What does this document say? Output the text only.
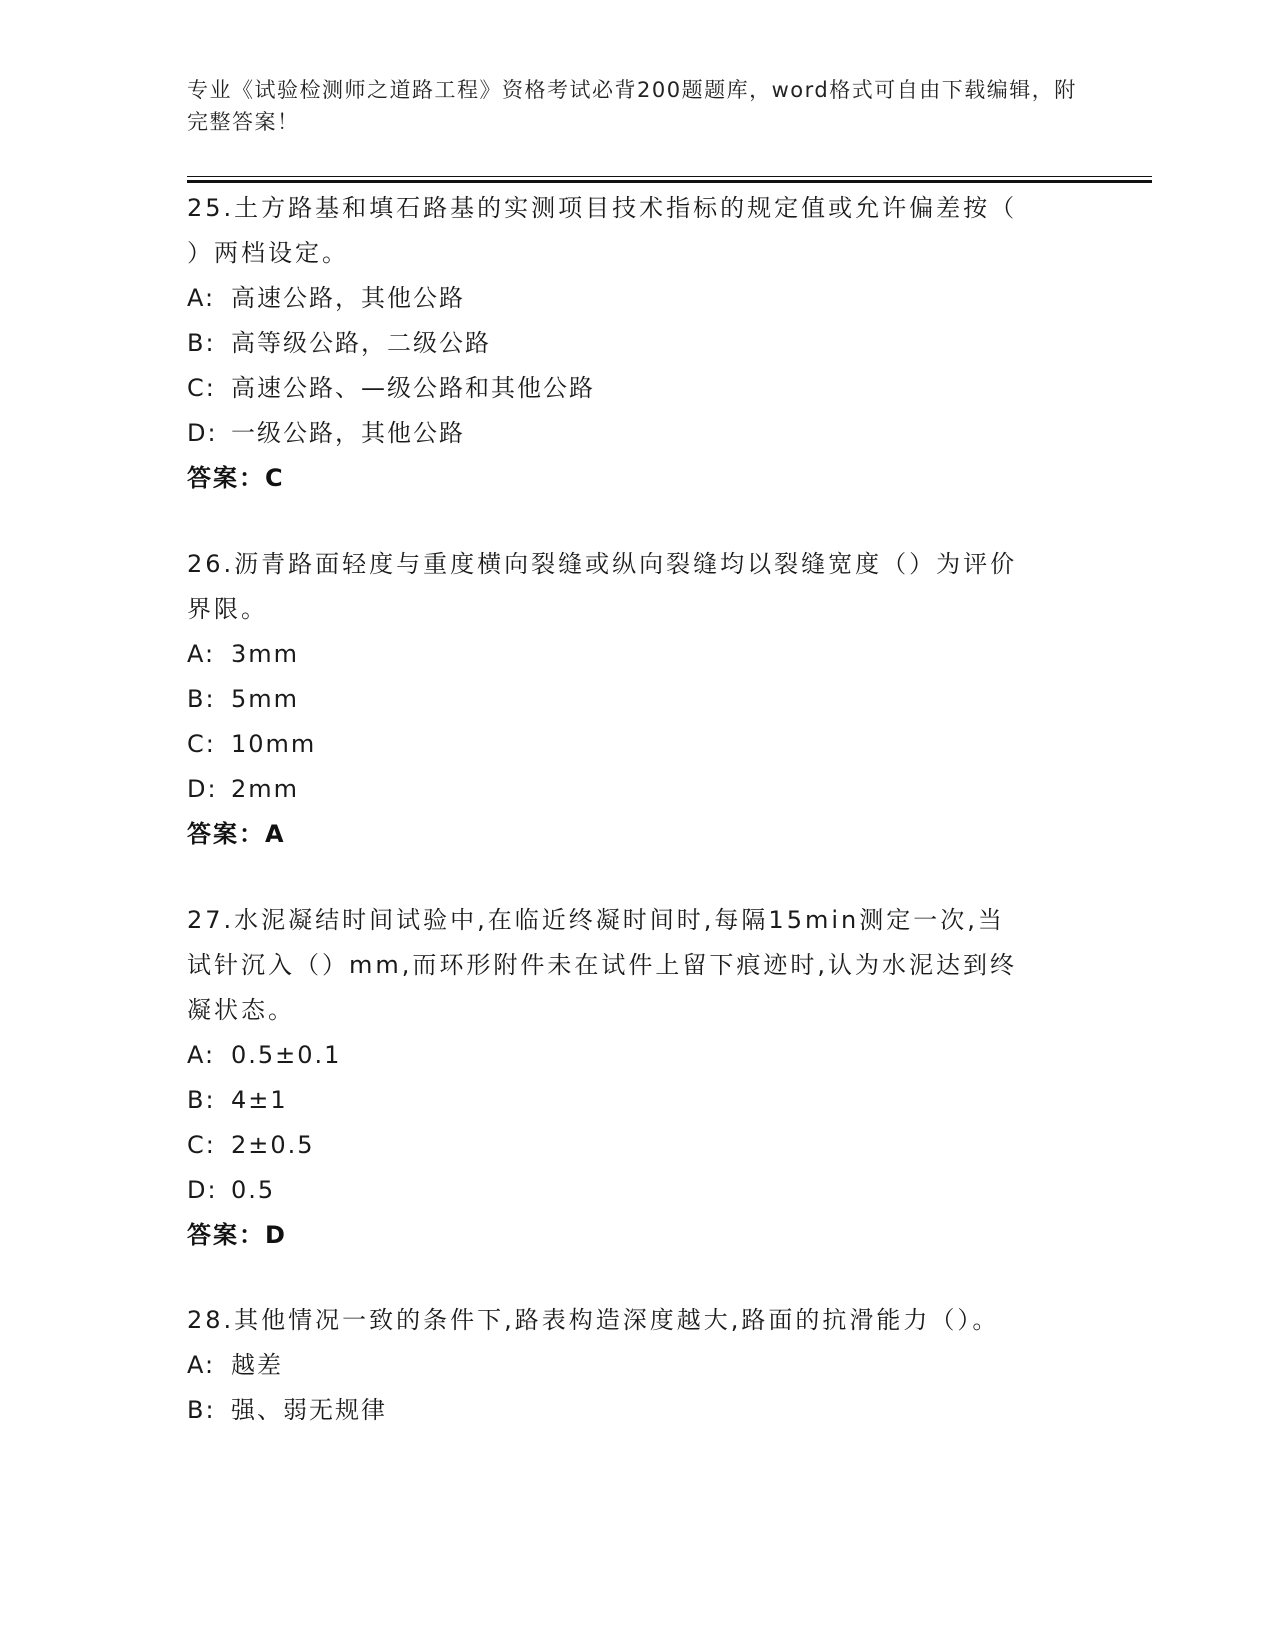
专业《试验检测师之道路工程》资格考试必背200题题库，word格式可自由下载编辑，附完整答案！
25.土方路基和填石路基的实测项目技术指标的规定值或允许偏差按（
）两档设定。
A: 高速公路，其他公路
B: 高等级公路，二级公路
C: 高速公路、—级公路和其他公路
D: 一级公路，其他公路
答案：C
26.沥青路面轻度与重度横向裂缝或纵向裂缝均以裂缝宽度（）为评价
界限。
A: 3mm
B: 5mm
C: 10mm
D: 2mm
答案：A
27.水泥凝结时间试验中,在临近终凝时间时,每隔15min测定一次,当
试针沉入（）mm,而环形附件未在试件上留下痕迹时,认为水泥达到终
凝状态。
A: 0.5±0.1
B: 4±1
C: 2±0.5
D: 0.5
答案：D
28.其他情况一致的条件下,路表构造深度越大,路面的抗滑能力（）。
A: 越差
B: 强、弱无规律
